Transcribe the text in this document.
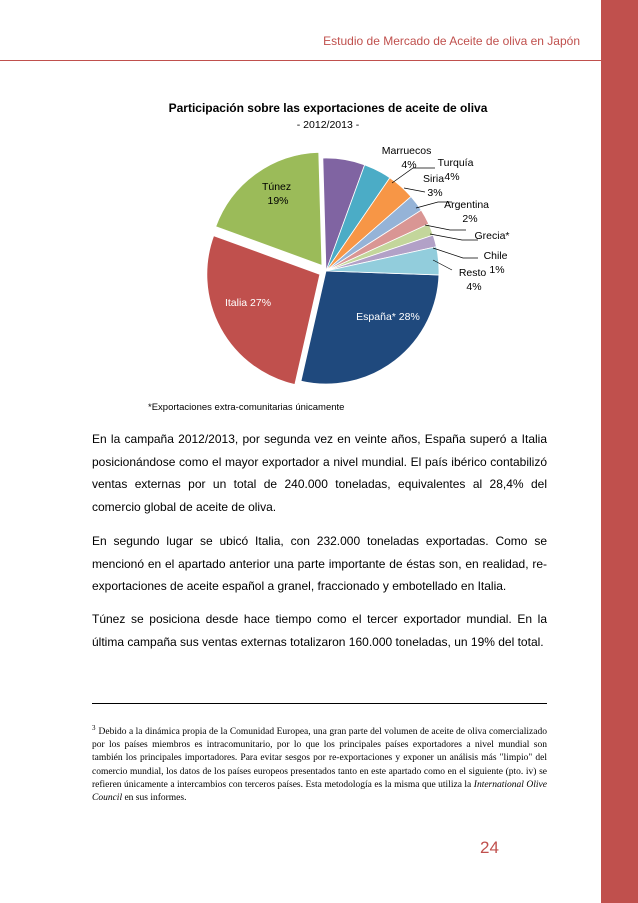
Estudio de Mercado de Aceite de oliva en Japón
Participación sobre las exportaciones de aceite de oliva
- 2012/2013 -
España* 28%
Italia 27%
Túnez 19%
Marruecos 4%	Turquía 4%
Siria 3%
Argentina 2%
Grecia*
Chile 1%
Resto 4%
*Exportaciones extra-comunitarias únicamente
En la campaña 2012/2013, por segunda vez en veinte años, España superó a Italia posicionándose como el mayor exportador a nivel mundial. El país ibérico contabilizó ventas externas por un total de 240.000 toneladas, equivalentes al 28,4% del comercio global de aceite de oliva.
En segundo lugar se ubicó Italia, con 232.000 toneladas exportadas. Como se mencionó en el apartado anterior una parte importante de éstas son, en realidad, re-exportaciones de aceite español a granel, fraccionado y embotellado en Italia.
Túnez se posiciona desde hace tiempo como el tercer exportador mundial. En la última campaña sus ventas externas totalizaron 160.000 toneladas, un 19% del total.
$^3$ Debido a la dinámica propia de la Comunidad Europea, una gran parte del volumen de aceite de oliva comercializado por los países miembros es intracomunitario, por lo que los principales países exportadores a nivel mundial son también los principales importadores. Para evitar sesgos por re-exportaciones y exponer un análisis más "limpio" del comercio mundial, los datos de los países europeos presentados tanto en este apartado como en el siguiente (pto. iv) se refieren únicamente a intercambios con terceros países. Esta metodología es la misma que utiliza la International Olive Council en sus informes.
24
